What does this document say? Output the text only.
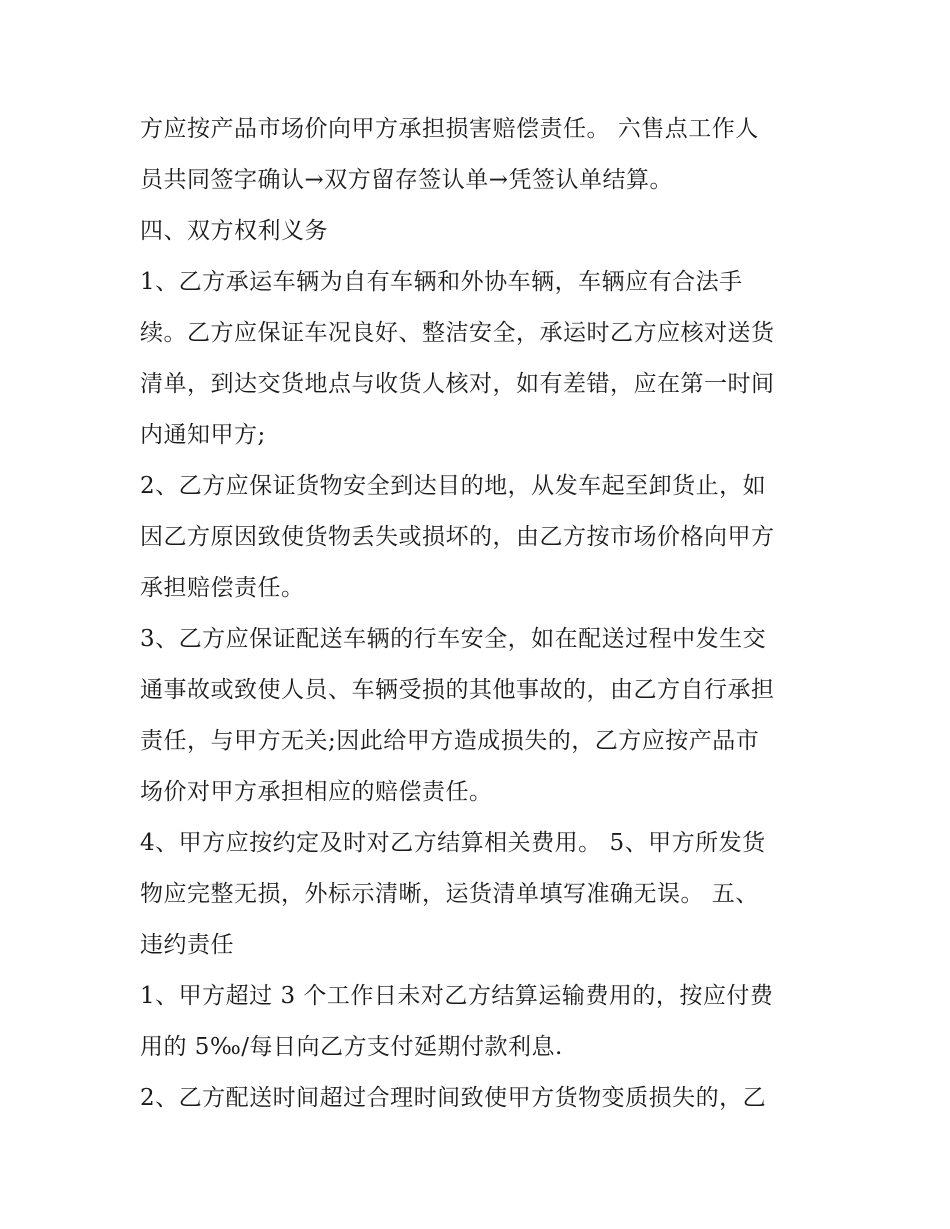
方应按产品市场价向甲方承担损害赔偿责任。 六售点工作人
员共同签字确认→双方留存签认单→凭签认单结算。
四、双方权利义务
1、乙方承运车辆为自有车辆和外协车辆，车辆应有合法手
续。乙方应保证车况良好、整洁安全，承运时乙方应核对送货
清单，到达交货地点与收货人核对，如有差错，应在第一时间
内通知甲方;
2、乙方应保证货物安全到达目的地，从发车起至卸货止，如
因乙方原因致使货物丢失或损坏的，由乙方按市场价格向甲方
承担赔偿责任。
3、乙方应保证配送车辆的行车安全，如在配送过程中发生交
通事故或致使人员、车辆受损的其他事故的，由乙方自行承担
责任，与甲方无关;因此给甲方造成损失的，乙方应按产品市
场价对甲方承担相应的赔偿责任。
4、甲方应按约定及时对乙方结算相关费用。 5、甲方所发货
物应完整无损，外标示清晰，运货清单填写准确无误。 五、
违约责任
1、甲方超过 3 个工作日未对乙方结算运输费用的，按应付费
用的 5‰/每日向乙方支付延期付款利息.
2、乙方配送时间超过合理时间致使甲方货物变质损失的，乙
